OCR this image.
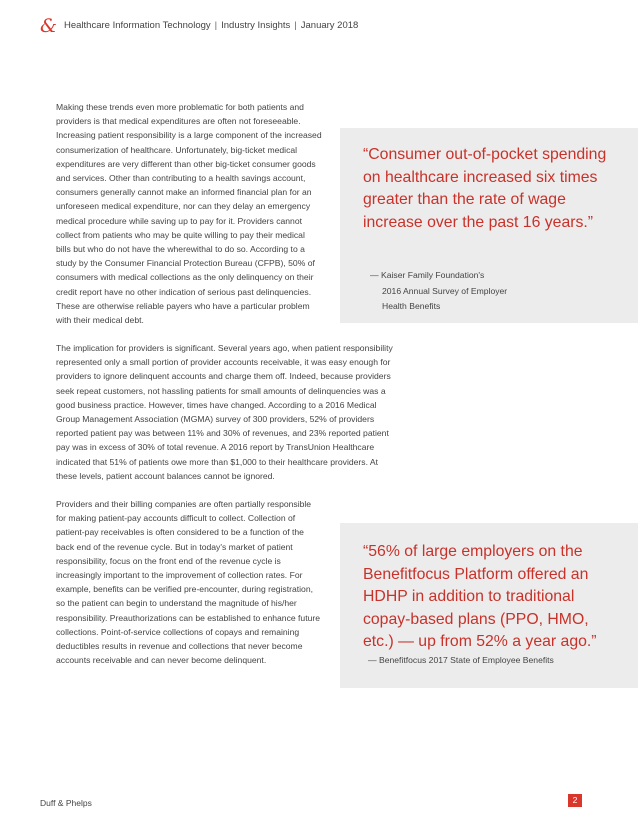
& Healthcare Information Technology | Industry Insights | January 2018
Making these trends even more problematic for both patients and providers is that medical expenditures are often not foreseeable. Increasing patient responsibility is a large component of the increased consumerization of healthcare. Unfortunately, big-ticket medical expenditures are very different than other big-ticket consumer goods and services. Other than contributing to a health savings account, consumers generally cannot make an informed financial plan for an unforeseen medical expenditure, nor can they delay an emergency medical procedure while saving up to pay for it. Providers cannot collect from patients who may be quite willing to pay their medical bills but who do not have the wherewithal to do so. According to a study by the Consumer Financial Protection Bureau (CFPB), 50% of consumers with medical collections as the only delinquency on their credit report have no other indication of serious past delinquencies. These are otherwise reliable payers who have a particular problem with their medical debt.
The implication for providers is significant. Several years ago, when patient responsibility represented only a small portion of provider accounts receivable, it was easy enough for providers to ignore delinquent accounts and charge them off. Indeed, because providers seek repeat customers, not hassling patients for small amounts of delinquencies was a good business practice. However, times have changed. According to a 2016 Medical Group Management Association (MGMA) survey of 300 providers, 52% of providers reported patient pay was between 11% and 30% of revenues, and 23% reported patient pay was in excess of 30% of total revenue. A 2016 report by TransUnion Healthcare indicated that 51% of patients owe more than $1,000 to their healthcare providers. At these levels, patient account balances cannot be ignored.
Providers and their billing companies are often partially responsible for making patient-pay accounts difficult to collect. Collection of patient-pay receivables is often considered to be a function of the back end of the revenue cycle. But in today's market of patient responsibility, focus on the front end of the revenue cycle is increasingly important to the improvement of collection rates. For example, benefits can be verified pre-encounter, during registration, so the patient can begin to understand the magnitude of his/her responsibility. Preauthorizations can be established to enhance future collections. Point-of-service collections of copays and remaining deductibles results in revenue and collections that never become accounts receivable and can never become delinquent.
“Consumer out-of-pocket spending on healthcare increased six times greater than the rate of wage increase over the past 16 years.”
— Kaiser Family Foundation's
2016 Annual Survey of Employer
Health Benefits
“56% of large employers on the Benefitfocus Platform offered an HDHP in addition to traditional copay-based plans (PPO, HMO, etc.) — up from 52% a year ago.”
— Benefitfocus 2017 State of Employee Benefits
Duff & Phelps	2
